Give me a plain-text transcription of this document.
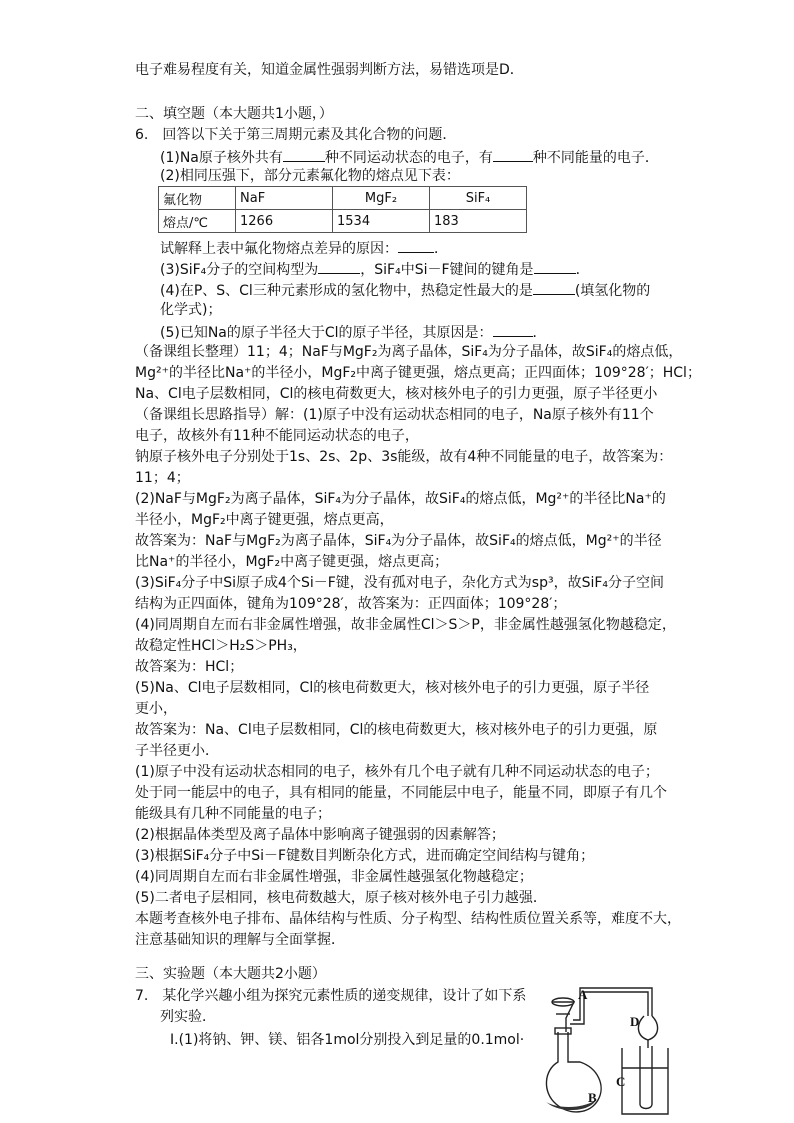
电子难易程度有关，知道金属性强弱判断方法，易错选项是D．
二、填空题（本大题共1小题，）
6.　回答以下关于第三周期元素及其化合物的问题．
(1)Na原子核外共有	种不同运动状态的电子，有	种不同能量的电子．
(2)相同压强下，部分元素氟化物的熔点见下表：
氟化物	NaF	MgF₂	SiF₄
熔点/℃	1266	1534	183
试解释上表中氟化物熔点差异的原因：	．
(3)SiF₄分子的空间构型为	，SiF₄中Si－F键间的键角是	．
(4)在P、S、Cl三种元素形成的氢化物中，热稳定性最大的是	(填氢化物的
化学式)；
(5)已知Na的原子半径大于Cl的原子半径，其原因是：	．
（备课组长整理）11；4；NaF与MgF₂为离子晶体，SiF₄为分子晶体，故SiF₄的熔点低，
Mg²⁺的半径比Na⁺的半径小，MgF₂中离子键更强，熔点更高；正四面体；109°28′；HCl；
Na、Cl电子层数相同，Cl的核电荷数更大，核对核外电子的引力更强，原子半径更小
（备课组长思路指导）解：(1)原子中没有运动状态相同的电子，Na原子核外有11个
电子，故核外有11种不能同运动状态的电子，
钠原子核外电子分别处于1s、2s、2p、3s能级，故有4种不同能量的电子，故答案为：
11；4；
(2)NaF与MgF₂为离子晶体，SiF₄为分子晶体，故SiF₄的熔点低，Mg²⁺的半径比Na⁺的
半径小，MgF₂中离子键更强，熔点更高，
故答案为：NaF与MgF₂为离子晶体，SiF₄为分子晶体，故SiF₄的熔点低，Mg²⁺的半径
比Na⁺的半径小，MgF₂中离子键更强，熔点更高；
(3)SiF₄分子中Si原子成4个Si－F键，没有孤对电子，杂化方式为sp³，故SiF₄分子空间
结构为正四面体，键角为109°28′，故答案为：正四面体；109°28′；
(4)同周期自左而右非金属性增强，故非金属性Cl＞S＞P，非金属性越强氢化物越稳定，
故稳定性HCl＞H₂S＞PH₃，
故答案为：HCl；
(5)Na、Cl电子层数相同，Cl的核电荷数更大，核对核外电子的引力更强，原子半径
更小，
故答案为：Na、Cl电子层数相同，Cl的核电荷数更大，核对核外电子的引力更强，原
子半径更小．
(1)原子中没有运动状态相同的电子，核外有几个电子就有几种不同运动状态的电子；
处于同一能层中的电子，具有相同的能量，不同能层中电子，能量不同，即原子有几个
能级具有几种不同能量的电子；
(2)根据晶体类型及离子晶体中影响离子键强弱的因素解答；
(3)根据SiF₄分子中Si－F键数目判断杂化方式，进而确定空间结构与键角；
(4)同周期自左而右非金属性增强，非金属性越强氢化物越稳定；
(5)二者电子层相同，核电荷数越大，原子核对核外电子引力越强．
本题考查核外电子排布、晶体结构与性质、分子构型、结构性质位置关系等，难度不大，
注意基础知识的理解与全面掌握．
三、实验题（本大题共2小题）
7.　某化学兴趣小组为探究元素性质的递变规律，设计了如下系
列实验．
Ⅰ.(1)将钠、钾、镁、铝各1mol分别投入到足量的0.1mol·
A
B
C
D
